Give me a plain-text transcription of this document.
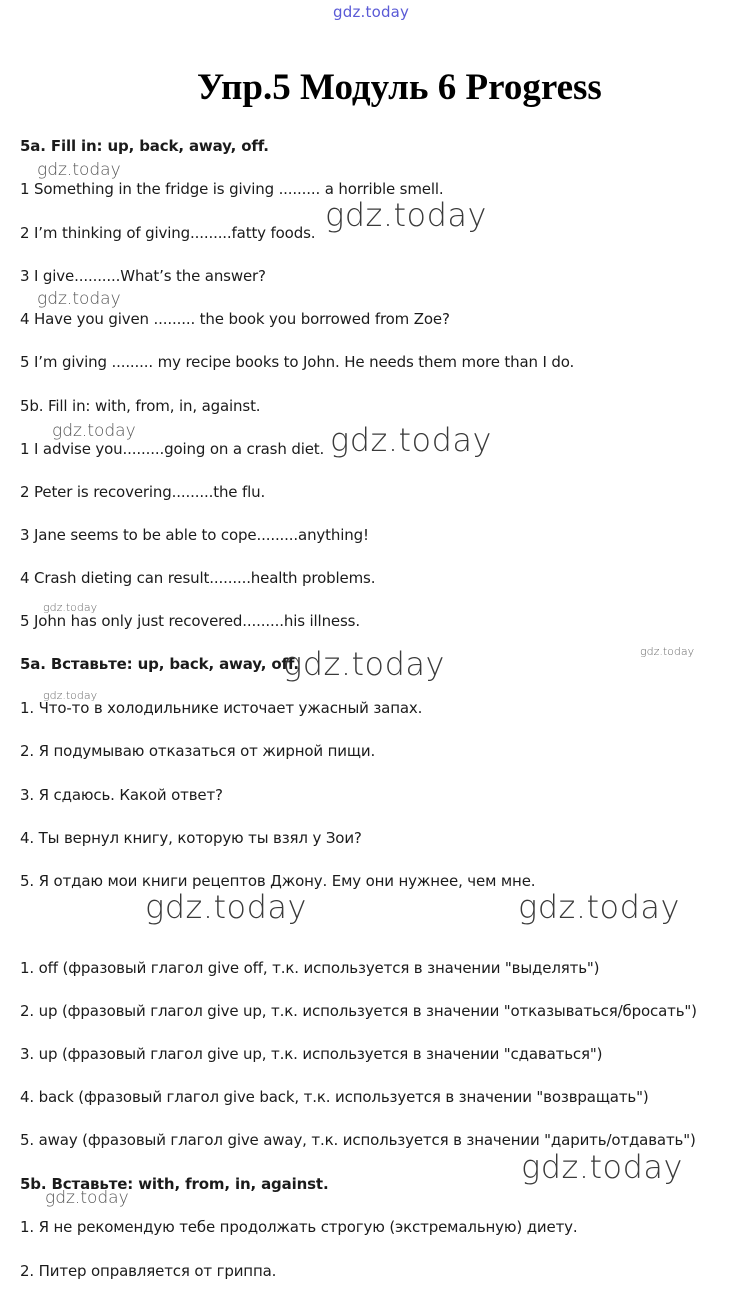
gdz.today
Упр.5 Модуль 6 Progress
5a. Fill in: up, back, away, off.
1 Something in the fridge is giving ......... a horrible smell.
2 I’m thinking of giving.........fatty foods.
3 I give..........What’s the answer?
4 Have you given ......... the book you borrowed from Zoe?
5 I’m giving ......... my recipe books to John. He needs them more than I do.
5b. Fill in: with, from, in, against.
1 I advise you.........going on a crash diet.
2 Peter is recovering.........the flu.
3 Jane seems to be able to cope.........anything!
4 Crash dieting can result.........health problems.
5 John has only just recovered.........his illness.
5a. Вставьте: up, back, away, off.
1. Что-то в холодильнике источает ужасный запах.
2. Я подумываю отказаться от жирной пищи.
3. Я сдаюсь. Какой ответ?
4. Ты вернул книгу, которую ты взял у Зои?
5. Я отдаю мои книги рецептов Джону. Ему они нужнее, чем мне.
1. off (фразовый глагол give off, т.к. используется в значении "выделять")
2. up (фразовый глагол give up, т.к. используется в значении "отказываться/бросать")
3. up (фразовый глагол give up, т.к. используется в значении "сдаваться")
4. back (фразовый глагол give back, т.к. используется в значении "возвращать")
5. away (фразовый глагол give away, т.к. используется в значении "дарить/отдавать")
5b. Вставьте: with, from, in, against.
1. Я не рекомендую тебе продолжать строгую (экстремальную) диету.
2. Питер оправляется от гриппа.
gdz.today
gdz.today
gdz.today
gdz.today	gdz.today
gdz.today
gdz.today	gdz.today
gdz.today
gdz.today	gdz.today
gdz.today
gdz.today
